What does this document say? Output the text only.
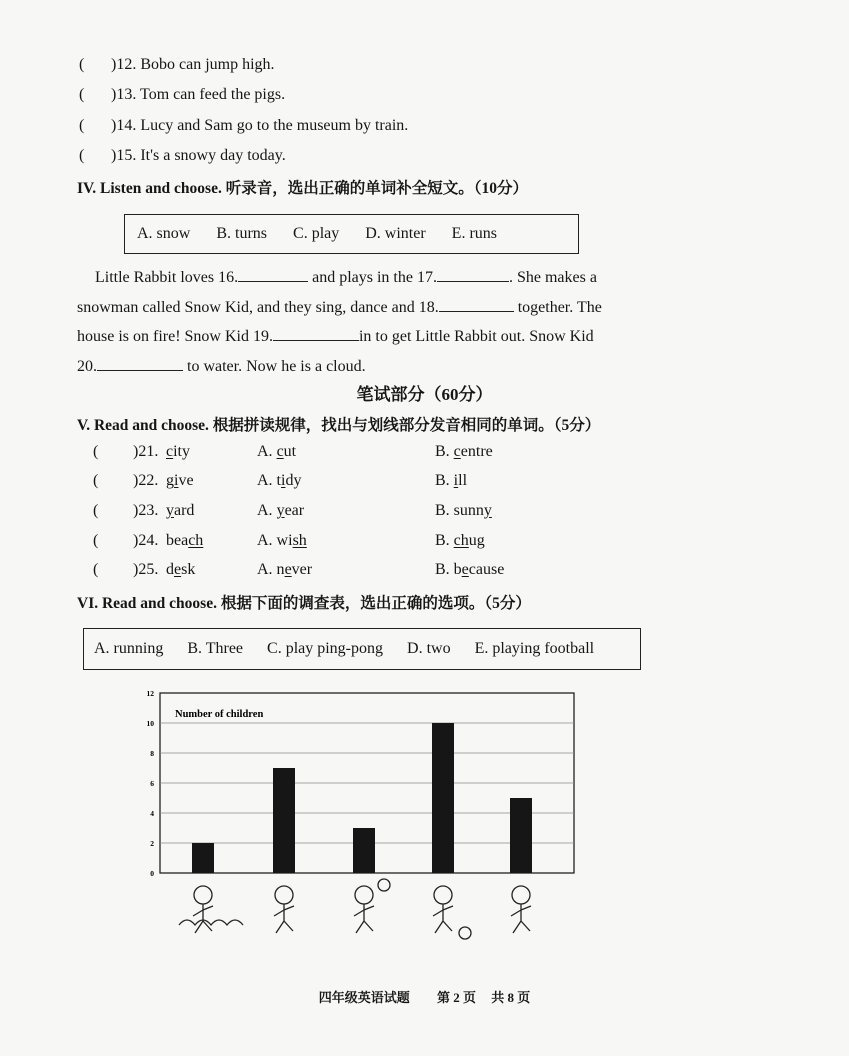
( )12. Bobo can jump high.
( )13. Tom can feed the pigs.
( )14. Lucy and Sam go to the museum by train.
( )15. It's a snowy day today.
IV. Listen and choose. 听录音，选出正确的单词补全短文。（10分）
A. snow B. turns C. play D. winter E. runs
Little Rabbit loves 16.	and plays in the 17.	. She makes a
snowman called Snow Kid, and they sing, dance and 18.	together. The
house is on fire! Snow Kid 19.	in to get Little Rabbit out. Snow Kid
20.	to water. Now he is a cloud.
笔试部分（60分）
V. Read and choose. 根据拼读规律，找出与划线部分发音相同的单词。（5分）
( )21. city	A. cut	B. centre
( )22. give	A. tidy	B. ill
( )23. yard	A. year	B. sunny
( )24. beach	A. wish	B. chug
( )25. desk	A. never	B. because
VI. Read and choose. 根据下面的调查表，选出正确的选项。（5分）
A. running B. Three C. play ping-pong D. two E. playing football
0
2
4
6
8
10
12
Number of children
四年级英语试题 第 2 页 共 8 页
